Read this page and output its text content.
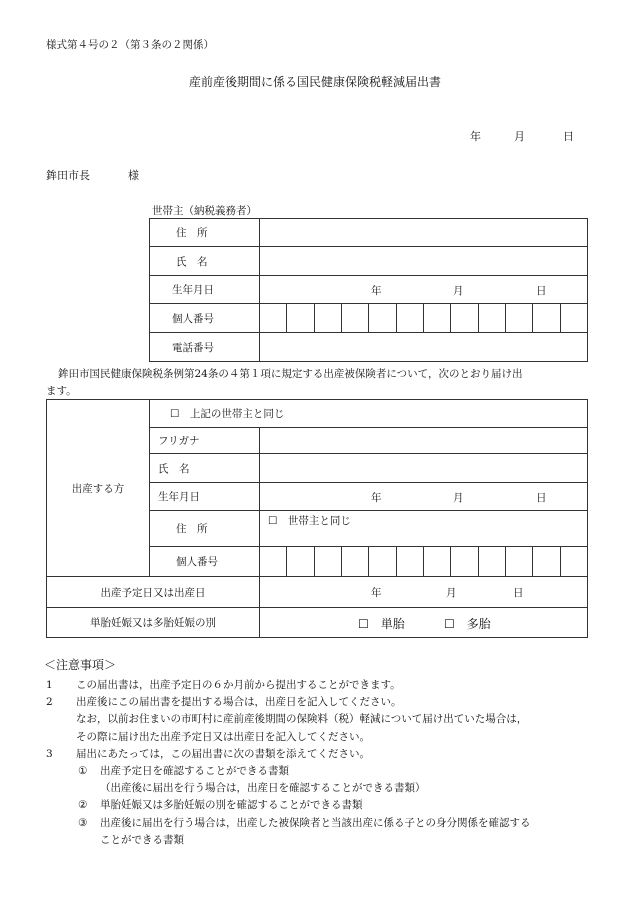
様式第４号の２（第３条の２関係）
産前産後期間に係る国民健康保険税軽減届出書
年	月	日
鉾田市長	様
世帯主（納税義務者）
住　所												
氏　名												
生年月日	年 月 日											

個人番号												
電話番号												
鉾田市国民健康保険税条例第24条の４第１項に規定する出産被保険者について，次のとおり届け出
ます。
出産する方	☐　上記の世帯主と同じ												
	フリガナ												
	氏　名												
	生年月日	年 月 日											

	住　所	☐　世帯主と同じ											

	個人番号												
出産予定日又は出産日		年 月 日											

単胎妊娠又は多胎妊娠の別		☐　単胎 ☐　多胎											
＜注意事項＞
1 この届出書は，出産予定日の６か月前から提出することができます。
2 出産後にこの届出書を提出する場合は，出産日を記入してください。
なお，以前お住まいの市町村に産前産後期間の保険料（税）軽減について届け出ていた場合は，
その際に届け出た出産予定日又は出産日を記入してください。
3 届出にあたっては，この届出書に次の書類を添えてください。
① 出産予定日を確認することができる書類
（出産後に届出を行う場合は，出産日を確認することができる書類）
② 単胎妊娠又は多胎妊娠の別を確認することができる書類
③ 出産後に届出を行う場合は，出産した被保険者と当該出産に係る子との身分関係を確認する
ことができる書類
